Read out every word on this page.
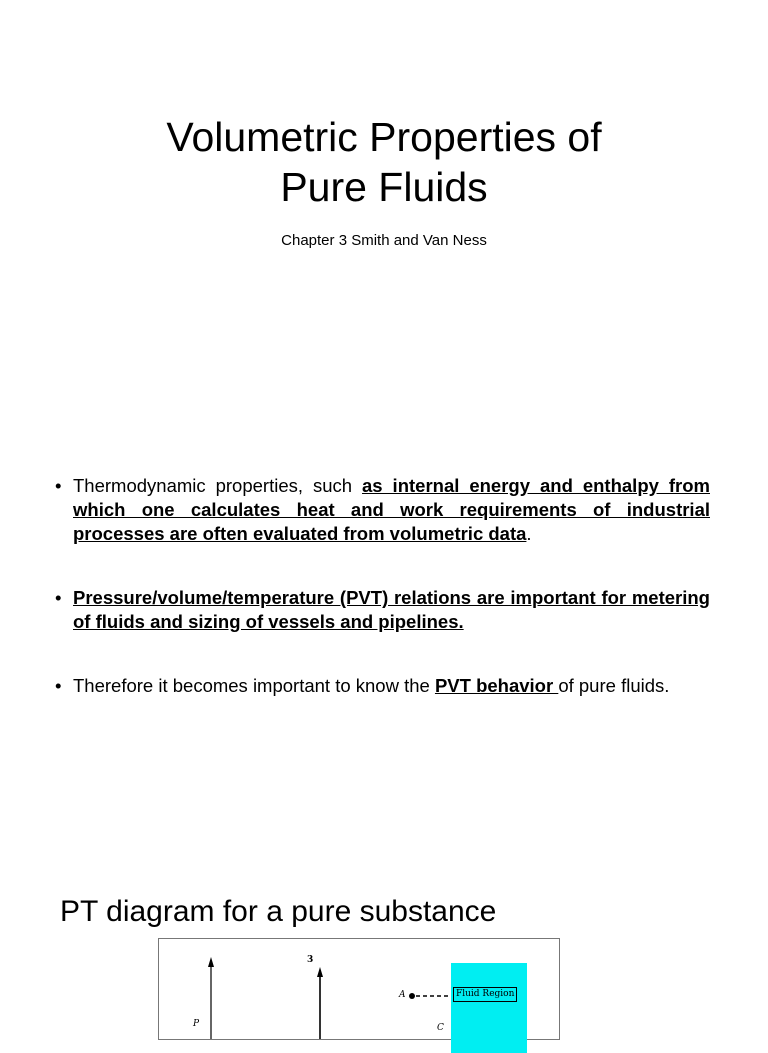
Volumetric Properties of
Pure Fluids
Chapter 3 Smith and Van Ness
• Thermodynamic properties, such as internal energy and enthalpy from which one calculates heat and work requirements of industrial processes are often evaluated from volumetric data.
• Pressure/volume/temperature (PVT) relations are important for metering of fluids and sizing of vessels and pipelines.
• Therefore it becomes important to know the PVT behavior of pure fluids.
PT diagram for a pure substance
Fluid Region
3
A
P	C
